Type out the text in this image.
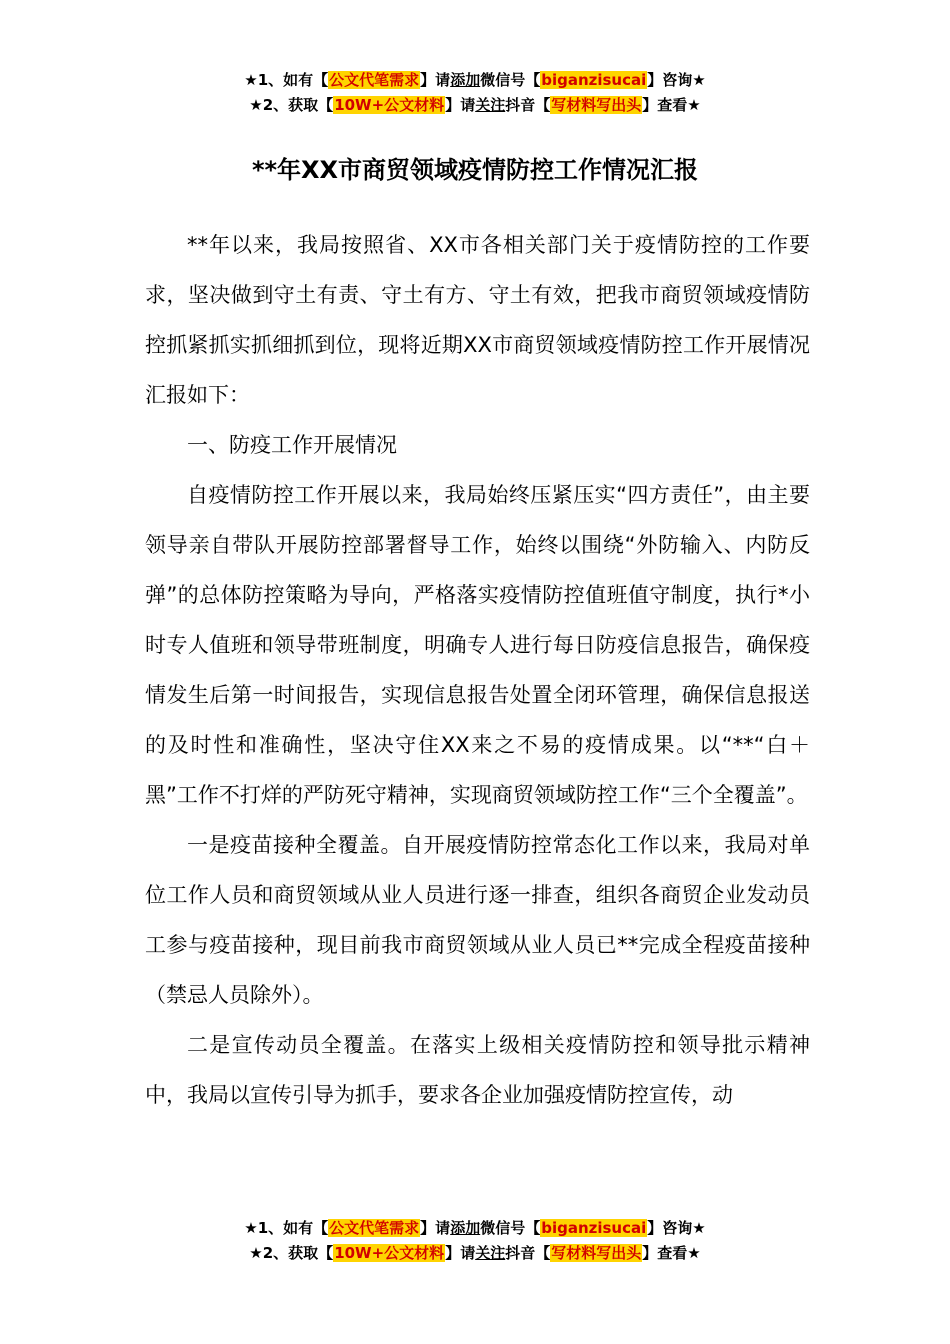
★1、如有【公文代笔需求】请添加微信号【biganzisucai】咨询★
★2、获取【10W+公文材料】请关注抖音【写材料写出头】查看★
**年XX市商贸领域疫情防控工作情况汇报

**年以来，我局按照省、XX市各相关部门关于疫情防控的工作要求，坚决做到守土有责、守土有方、守土有效，把我市商贸领域疫情防控抓紧抓实抓细抓到位，现将近期XX市商贸领域疫情防控工作开展情况汇报如下：

一、防疫工作开展情况

自疫情防控工作开展以来，我局始终压紧压实“四方责任”，由主要领导亲自带队开展防控部署督导工作，始终以围绕“外防输入、内防反弹”的总体防控策略为导向，严格落实疫情防控值班值守制度，执行*小时专人值班和领导带班制度，明确专人进行每日防疫信息报告，确保疫情发生后第一时间报告，实现信息报告处置全闭环管理，确保信息报送的及时性和准确性，坚决守住XX来之不易的疫情成果。以“**“白＋黑”工作不打烊的严防死守精神，实现商贸领域防控工作“三个全覆盖”。

一是疫苗接种全覆盖。自开展疫情防控常态化工作以来，我局对单位工作人员和商贸领域从业人员进行逐一排查，组织各商贸企业发动员工参与疫苗接种，现目前我市商贸领域从业人员已**完成全程疫苗接种（禁忌人员除外）。

二是宣传动员全覆盖。在落实上级相关疫情防控和领导批示精神中，我局以宣传引导为抓手，要求各企业加强疫情防控宣传，动

★1、如有【公文代笔需求】请添加微信号【biganzisucai】咨询★
★2、获取【10W+公文材料】请关注抖音【写材料写出头】查看★
